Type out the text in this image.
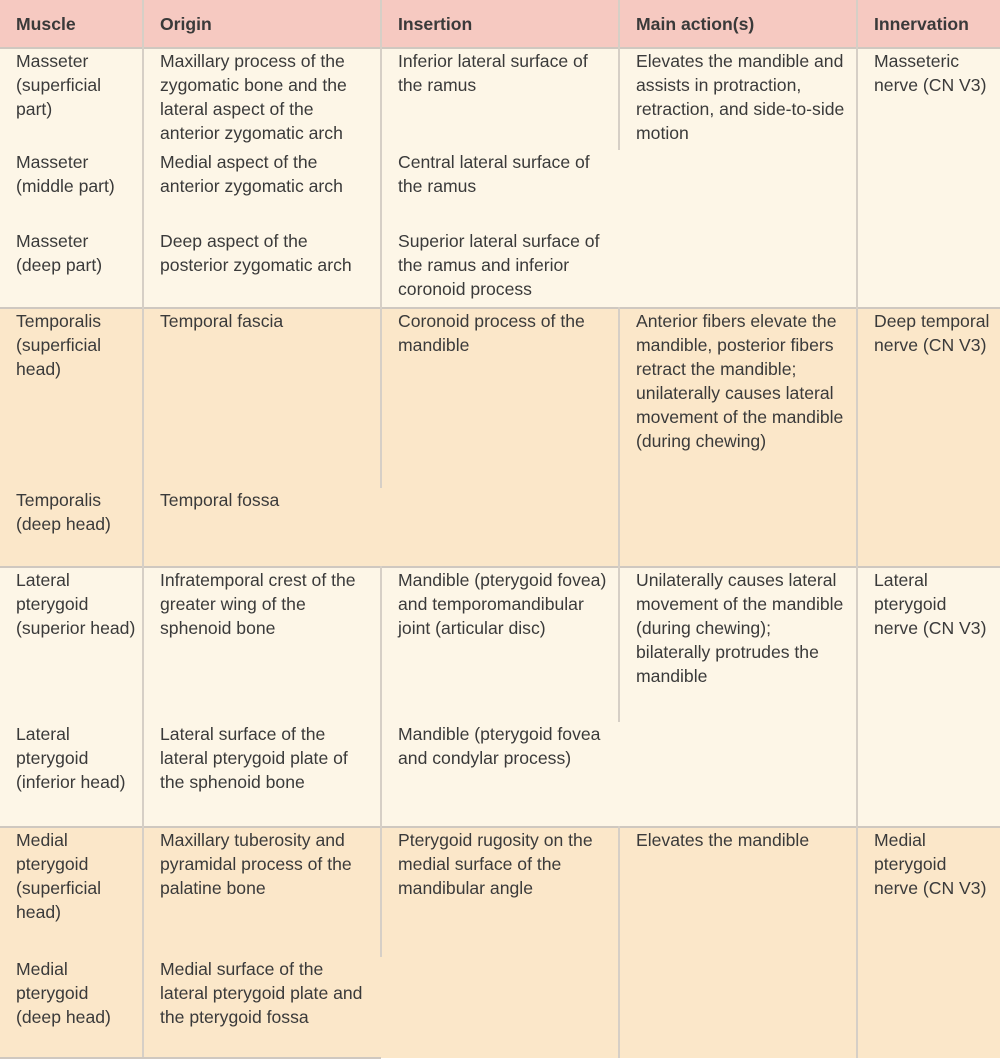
Muscle	Origin	Insertion	Main action(s)	Innervation
Masseter (superficial part)	Maxillary process of the zygomatic bone and the lateral aspect of the anterior zygomatic arch	Inferior lateral surface of the ramus	Elevates the mandible and assists in protraction, retraction, and side-to-side motion	Masseteric nerve (CN V3)
Masseter (middle part)	Medial aspect of the anterior zygomatic arch	Central lateral surface of the ramus		
Masseter (deep part)	Deep aspect of the posterior zygomatic arch	Superior lateral surface of the ramus and inferior coronoid process		
Temporalis (superficial head)	Temporal fascia	Coronoid process of the mandible	Anterior fibers elevate the mandible, posterior fibers retract the mandible; unilaterally causes lateral movement of the mandible (during chewing)	Deep temporal nerve (CN V3)
Temporalis (deep head)	Temporal fossa			
Lateral pterygoid (superior head)	Infratemporal crest of the greater wing of the sphenoid bone	Mandible (pterygoid fovea) and temporomandibular joint (articular disc)	Unilaterally causes lateral movement of the mandible (during chewing); bilaterally protrudes the mandible	Lateral pterygoid nerve (CN V3)
Lateral pterygoid (inferior head)	Lateral surface of the lateral pterygoid plate of the sphenoid bone	Mandible (pterygoid fovea and condylar process)		
Medial pterygoid (superficial head)	Maxillary tuberosity and pyramidal process of the palatine bone	Pterygoid rugosity on the medial surface of the mandibular angle	Elevates the mandible	Medial pterygoid nerve (CN V3)
Medial pterygoid (deep head)	Medial surface of the lateral pterygoid plate and the pterygoid fossa			
